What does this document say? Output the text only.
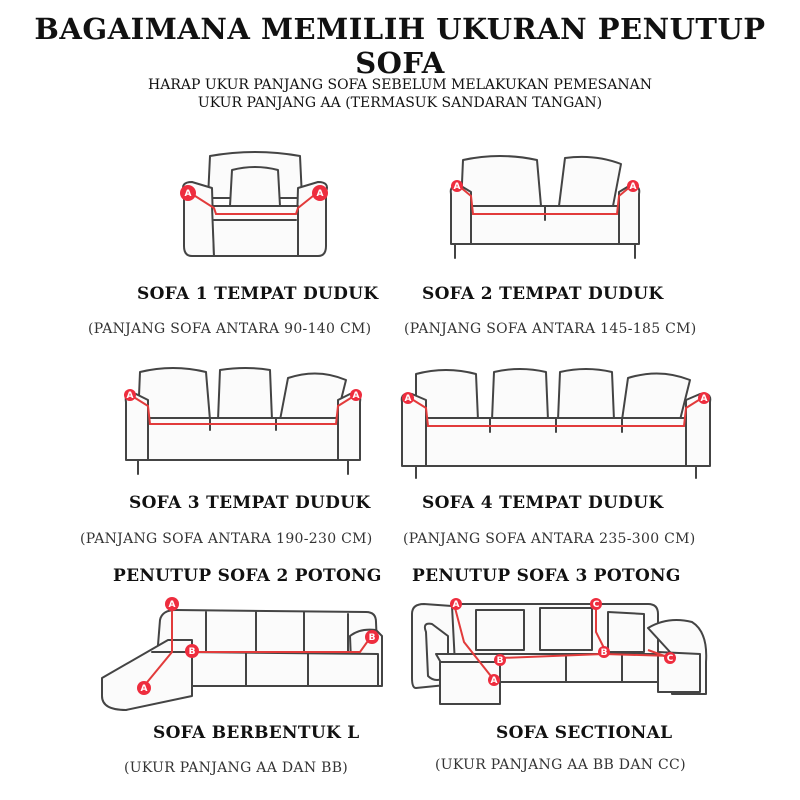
BAGAIMANA MEMILIH UKURAN PENUTUP SOFA
HARAP UKUR PANJANG SOFA SEBELUM MELAKUKAN PEMESANAN
UKUR PANJANG AA (TERMASUK SANDARAN TANGAN)
A	A
A	A
SOFA 1 TEMPAT DUDUK	SOFA 2 TEMPAT DUDUK
(PANJANG SOFA ANTARA 90-140 CM) (PANJANG SOFA ANTARA 145-185 CM)
A	A	A	A
SOFA 3 TEMPAT DUDUK	SOFA 4 TEMPAT DUDUK
(PANJANG SOFA ANTARA 190-230 CM) (PANJANG SOFA ANTARA 235-300 CM)
PENUTUP SOFA 2 POTONG PENUTUP SOFA 3 POTONG
A
A
B
B
A
A
B
B
C
C
SOFA BERBENTUK L	SOFA SECTIONAL
(UKUR PANJANG AA DAN BB)	(UKUR PANJANG AA BB DAN CC)
